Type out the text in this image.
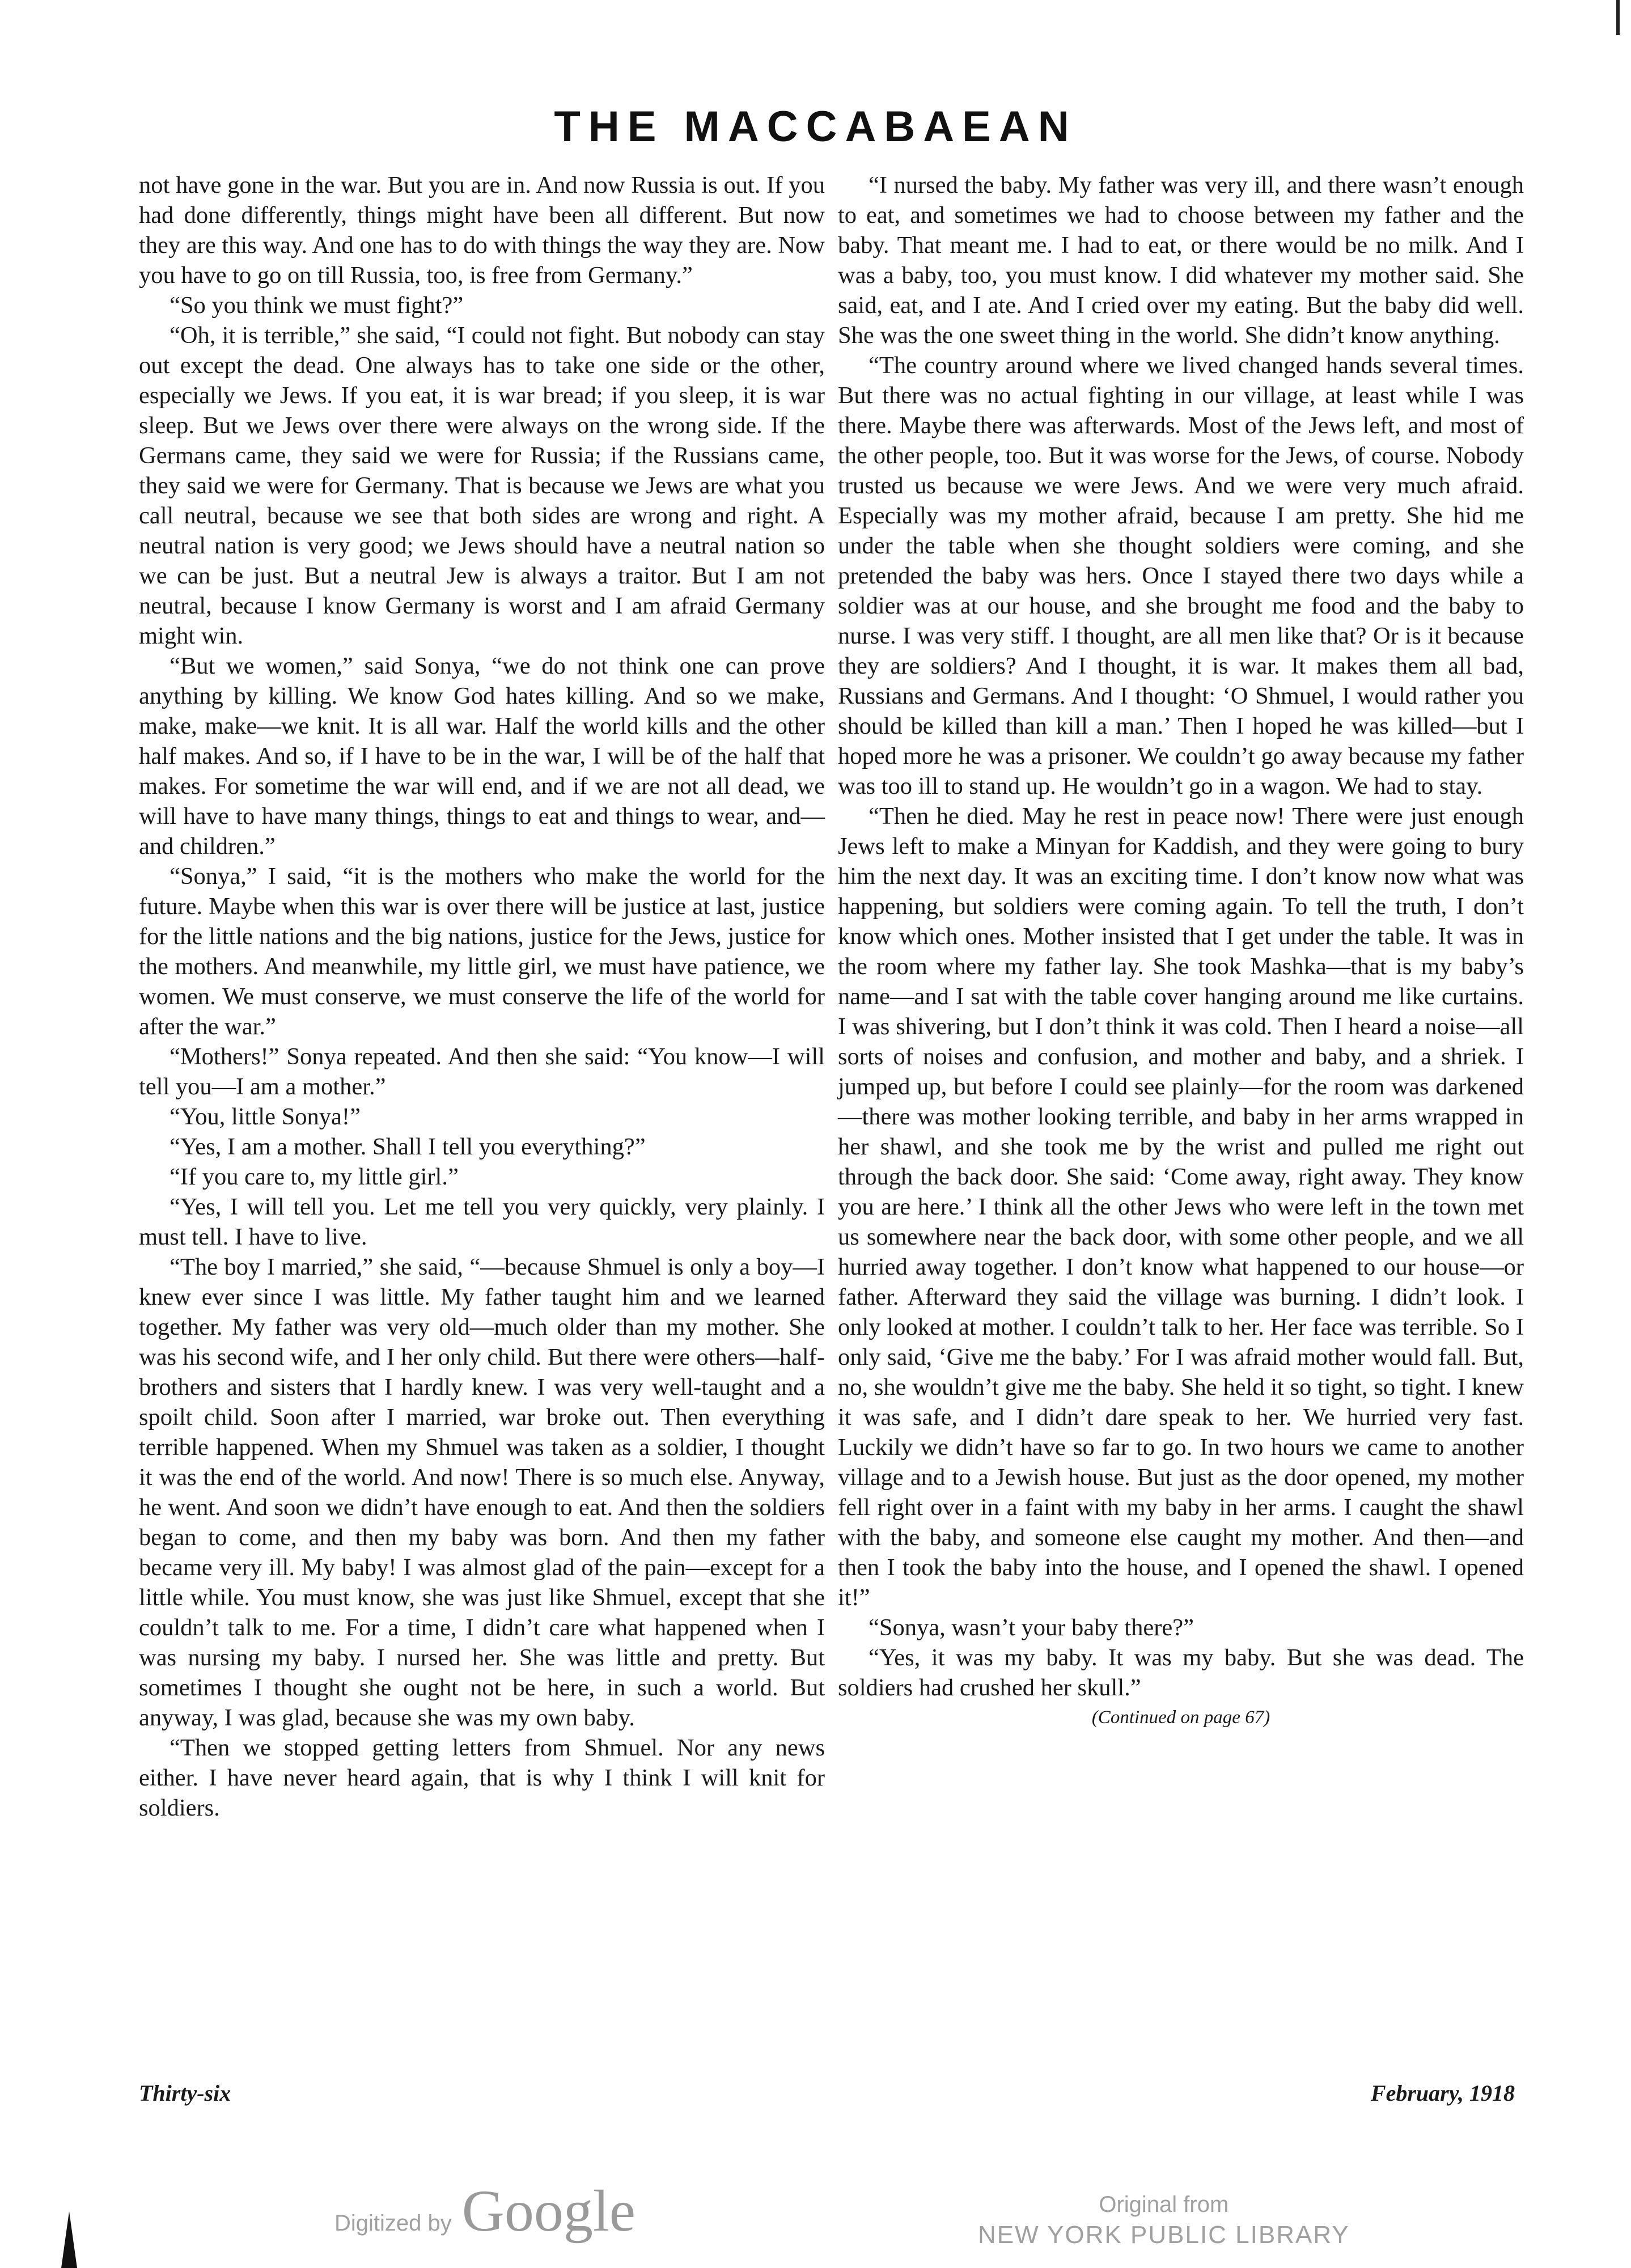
THE MACCABAEAN

not have gone in the war. But you are in. And now Russia is out. If you had done differently, things might have been all different. But now they are this way. And one has to do with things the way they are. Now you have to go on till Russia, too, is free from Germany.”

“So you think we must fight?”

“Oh, it is terrible,” she said, “I could not fight. But nobody can stay out except the dead. One always has to take one side or the other, especially we Jews. If you eat, it is war bread; if you sleep, it is war sleep. But we Jews over there were always on the wrong side. If the Germans came, they said we were for Russia; if the Russians came, they said we were for Germany. That is because we Jews are what you call neutral, because we see that both sides are wrong and right. A neutral nation is very good; we Jews should have a neutral nation so we can be just. But a neutral Jew is always a traitor. But I am not neutral, because I know Germany is worst and I am afraid Germany might win.

“But we women,” said Sonya, “we do not think one can prove anything by killing. We know God hates killing. And so we make, make, make—we knit. It is all war. Half the world kills and the other half makes. And so, if I have to be in the war, I will be of the half that makes. For sometime the war will end, and if we are not all dead, we will have to have many things, things to eat and things to wear, and—and children.”

“Sonya,” I said, “it is the mothers who make the world for the future. Maybe when this war is over there will be justice at last, justice for the little nations and the big nations, justice for the Jews, justice for the mothers. And meanwhile, my little girl, we must have patience, we women. We must conserve, we must conserve the life of the world for after the war.”

“Mothers!” Sonya repeated. And then she said: “You know—I will tell you—I am a mother.”

“You, little Sonya!”

“Yes, I am a mother. Shall I tell you everything?”

“If you care to, my little girl.”

“Yes, I will tell you. Let me tell you very quickly, very plainly. I must tell. I have to live.

“The boy I married,” she said, “—because Shmuel is only a boy—I knew ever since I was little. My father taught him and we learned together. My father was very old—much older than my mother. She was his second wife, and I her only child. But there were others—half-brothers and sisters that I hardly knew. I was very well-taught and a spoilt child. Soon after I married, war broke out. Then everything terrible happened. When my Shmuel was taken as a soldier, I thought it was the end of the world. And now! There is so much else. Anyway, he went. And soon we didn’t have enough to eat. And then the soldiers began to come, and then my baby was born. And then my father became very ill. My baby! I was almost glad of the pain—except for a little while. You must know, she was just like Shmuel, except that she couldn’t talk to me. For a time, I didn’t care what happened when I was nursing my baby. I nursed her. She was little and pretty. But sometimes I thought she ought not be here, in such a world. But anyway, I was glad, because she was my own baby.

“Then we stopped getting letters from Shmuel. Nor any news either. I have never heard again, that is why I think I will knit for soldiers.

“I nursed the baby. My father was very ill, and there wasn’t enough to eat, and sometimes we had to choose between my father and the baby. That meant me. I had to eat, or there would be no milk. And I was a baby, too, you must know. I did whatever my mother said. She said, eat, and I ate. And I cried over my eating. But the baby did well. She was the one sweet thing in the world. She didn’t know anything.

“The country around where we lived changed hands several times. But there was no actual fighting in our village, at least while I was there. Maybe there was afterwards. Most of the Jews left, and most of the other people, too. But it was worse for the Jews, of course. Nobody trusted us because we were Jews. And we were very much afraid. Especially was my mother afraid, because I am pretty. She hid me under the table when she thought soldiers were coming, and she pretended the baby was hers. Once I stayed there two days while a soldier was at our house, and she brought me food and the baby to nurse. I was very stiff. I thought, are all men like that? Or is it because they are soldiers? And I thought, it is war. It makes them all bad, Russians and Germans. And I thought: ‘O Shmuel, I would rather you should be killed than kill a man.’ Then I hoped he was killed—but I hoped more he was a prisoner. We couldn’t go away because my father was too ill to stand up. He wouldn’t go in a wagon. We had to stay.

“Then he died. May he rest in peace now! There were just enough Jews left to make a Minyan for Kaddish, and they were going to bury him the next day. It was an exciting time. I don’t know now what was happening, but soldiers were coming again. To tell the truth, I don’t know which ones. Mother insisted that I get under the table. It was in the room where my father lay. She took Mashka—that is my baby’s name—and I sat with the table cover hanging around me like curtains. I was shivering, but I don’t think it was cold. Then I heard a noise—all sorts of noises and confusion, and mother and baby, and a shriek. I jumped up, but before I could see plainly—for the room was darkened—there was mother looking terrible, and baby in her arms wrapped in her shawl, and she took me by the wrist and pulled me right out through the back door. She said: ‘Come away, right away. They know you are here.’ I think all the other Jews who were left in the town met us somewhere near the back door, with some other people, and we all hurried away together. I don’t know what happened to our house—or father. Afterward they said the village was burning. I didn’t look. I only looked at mother. I couldn’t talk to her. Her face was terrible. So I only said, ‘Give me the baby.’ For I was afraid mother would fall. But, no, she wouldn’t give me the baby. She held it so tight, so tight. I knew it was safe, and I didn’t dare speak to her. We hurried very fast. Luckily we didn’t have so far to go. In two hours we came to another village and to a Jewish house. But just as the door opened, my mother fell right over in a faint with my baby in her arms. I caught the shawl with the baby, and someone else caught my mother. And then—and then I took the baby into the house, and I opened the shawl. I opened it!”

“Sonya, wasn’t your baby there?”

“Yes, it was my baby. It was my baby. But she was dead. The soldiers had crushed her skull.”

(Continued on page 67)

Thirty-six	February, 1918

Digitized by Google	Original from
NEW YORK PUBLIC LIBRARY
